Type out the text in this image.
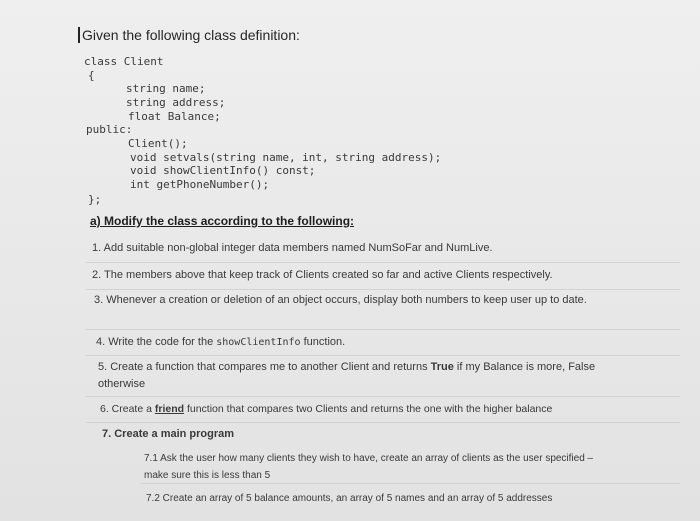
Given the following class definition:
class Client
{
string name;
string address;
float Balance;
public:
Client();
void setvals(string name, int, string address);
void showClientInfo() const;
int getPhoneNumber();
};
a) Modify the class according to the following:
1. Add suitable non-global integer data members named NumSoFar and NumLive.
2. The members above that keep track of Clients created so far and active Clients respectively.
3. Whenever a creation or deletion of an object occurs, display both numbers to keep user up to date.
4. Write the code for the showClientInfo function.
5. Create a function that compares me to another Client and returns True if my Balance is more, False otherwise
6. Create a friend function that compares two Clients and returns the one with the higher balance
7. Create a main program
7.1 Ask the user how many clients they wish to have, create an array of clients as the user specified – make sure this is less than 5
7.2 Create an array of 5 balance amounts, an array of 5 names and an array of 5 addresses
